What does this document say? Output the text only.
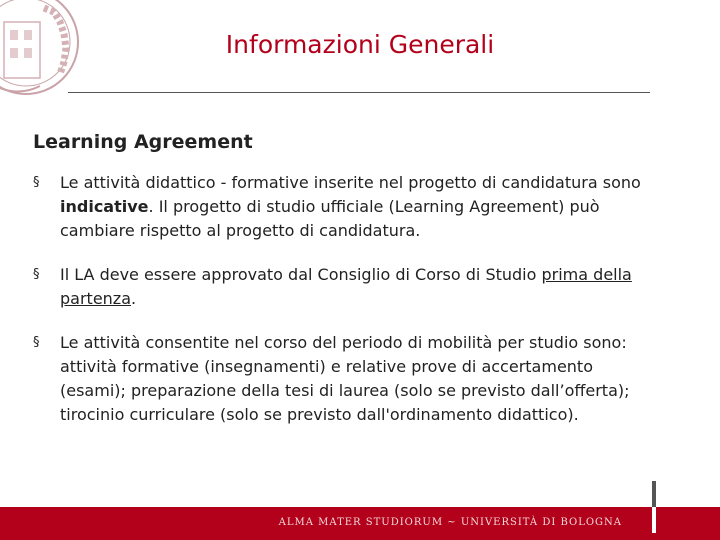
Informazioni Generali
Learning Agreement
§ Le attività didattico - formative inserite nel progetto di candidatura sono indicative. Il progetto di studio ufficiale (Learning Agreement) può cambiare rispetto al progetto di candidatura.
§ Il LA deve essere approvato dal Consiglio di Corso di Studio prima della partenza.
§ Le attività consentite nel corso del periodo di mobilità per studio sono: attività formative (insegnamenti) e relative prove di accertamento (esami); preparazione della tesi di laurea (solo se previsto dall’offerta); tirocinio curriculare (solo se previsto dall'ordinamento didattico).
ALMA MATER STUDIORUM ~ UNIVERSITÀ DI BOLOGNA
